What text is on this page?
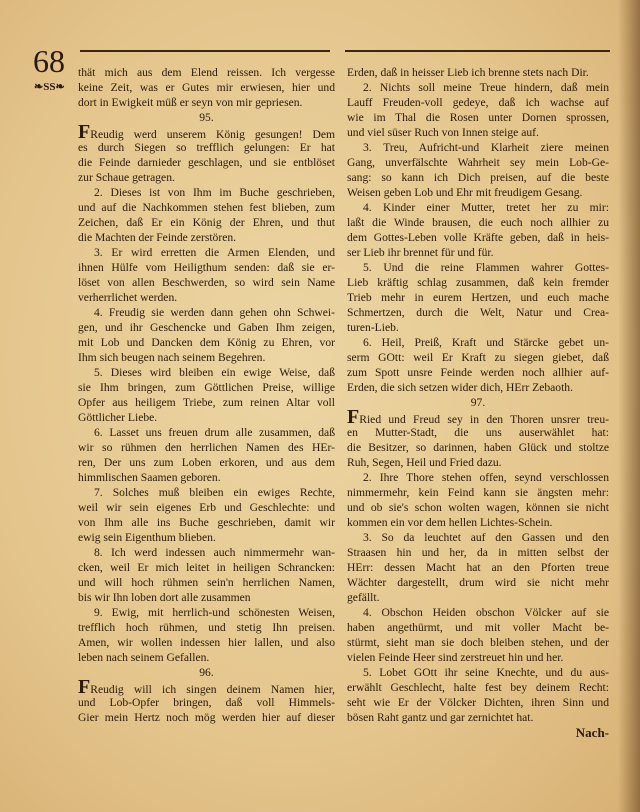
68
❧SS❧
thät mich aus dem Elend reissen. Ich vergesse
keine Zeit, was er Gutes mir erwiesen, hier und
dort in Ewigkeit müß er seyn von mir gepriesen.
95.
FReudig werd unserem König gesungen! Dem
es durch Siegen so trefflich gelungen: Er hat
die Feinde darnieder geschlagen, und sie entblöset
zur Schaue getragen.
2. Dieses ist von Ihm im Buche geschrieben,
und auf die Nachkommen stehen fest blieben, zum
Zeichen, daß Er ein König der Ehren, und thut
die Machten der Feinde zerstören.
3. Er wird erretten die Armen Elenden, und
ihnen Hülfe vom Heiligthum senden: daß sie er-
löset von allen Beschwerden, so wird sein Name
verherrlichet werden.
4. Freudig sie werden dann gehen ohn Schwei-
gen, und ihr Geschencke und Gaben Ihm zeigen,
mit Lob und Dancken dem König zu Ehren, vor
Ihm sich beugen nach seinem Begehren.
5. Dieses wird bleiben ein ewige Weise, daß
sie Ihm bringen, zum Göttlichen Preise, willige
Opfer aus heiligem Triebe, zum reinen Altar voll
Göttlicher Liebe.
6. Lasset uns freuen drum alle zusammen, daß
wir so rühmen den herrlichen Namen des HEr-
ren, Der uns zum Loben erkoren, und aus dem
himmlischen Saamen geboren.
7. Solches muß bleiben ein ewiges Rechte,
weil wir sein eigenes Erb und Geschlechte: und
von Ihm alle ins Buche geschrieben, damit wir
ewig sein Eigenthum blieben.
8. Ich werd indessen auch nimmermehr wan-
cken, weil Er mich leitet in heiligen Schrancken:
und will hoch rühmen sein'n herrlichen Namen,
bis wir Ihn loben dort alle zusammen
9. Ewig, mit herrlich-und schönesten Weisen,
trefflich hoch rühmen, und stetig Ihn preisen.
Amen, wir wollen indessen hier lallen, und also
leben nach seinem Gefallen.
96.
FReudig will ich singen deinem Namen hier,
und Lob-Opfer bringen, daß voll Himmels-
Gier mein Hertz noch mög werden hier auf dieser
Erden, daß in heisser Lieb ich brenne stets nach Dir.
2. Nichts soll meine Treue hindern, daß mein
Lauff Freuden-voll gedeye, daß ich wachse auf
wie im Thal die Rosen unter Dornen sprossen,
und viel süser Ruch von Innen steige auf.
3. Treu, Aufricht-und Klarheit ziere meinen
Gang, unverfälschte Wahrheit sey mein Lob-Ge-
sang: so kann ich Dich preisen, auf die beste
Weisen geben Lob und Ehr mit freudigem Gesang.
4. Kinder einer Mutter, tretet her zu mir:
laßt die Winde brausen, die euch noch allhier zu
dem Gottes-Leben volle Kräfte geben, daß in heis-
ser Lieb ihr brennet für und für.
5. Und die reine Flammen wahrer Gottes-
Lieb kräftig schlag zusammen, daß kein fremder
Trieb mehr in eurem Hertzen, und euch mache
Schmertzen, durch die Welt, Natur und Crea-
turen-Lieb.
6. Heil, Preiß, Kraft und Stärcke gebet un-
serm GOtt: weil Er Kraft zu siegen giebet, daß
zum Spott unsre Feinde werden noch allhier auf-
Erden, die sich setzen wider dich, HErr Zebaoth.
97.
FRied und Freud sey in den Thoren unsrer treu-
en Mutter-Stadt, die uns auserwählet hat:
die Besitzer, so darinnen, haben Glück und stoltze
Ruh, Segen, Heil und Fried dazu.
2. Ihre Thore stehen offen, seynd verschlossen
nimmermehr, kein Feind kann sie ängsten mehr:
und ob sie's schon wolten wagen, können sie nicht
kommen ein vor dem hellen Lichtes-Schein.
3. So da leuchtet auf den Gassen und den
Straasen hin und her, da in mitten selbst der
HErr: dessen Macht hat an den Pforten treue
Wächter dargestellt, drum wird sie nicht mehr
gefällt.
4. Obschon Heiden obschon Völcker auf sie
haben angethürmt, und mit voller Macht be-
stürmt, sieht man sie doch bleiben stehen, und der
vielen Feinde Heer sind zerstreuet hin und her.
5. Lobet GOtt ihr seine Knechte, und du aus-
erwählt Geschlecht, halte fest bey deinem Recht:
seht wie Er der Völcker Dichten, ihren Sinn und
bösen Raht gantz und gar zernichtet hat.
Nach-
